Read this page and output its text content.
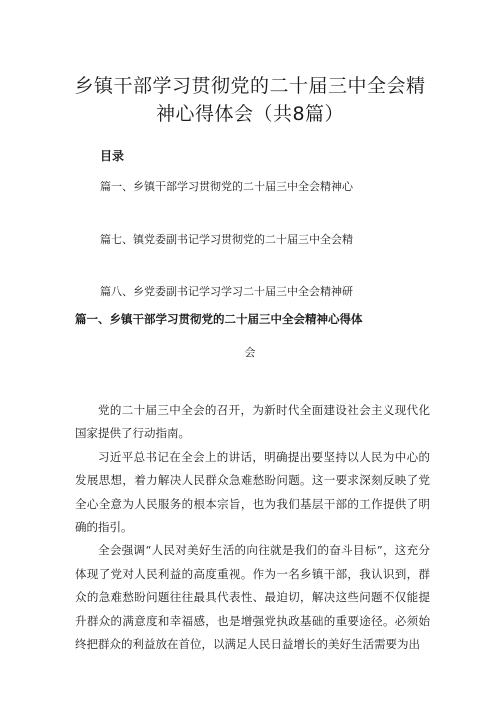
乡镇干部学习贯彻党的二十届三中全会精
神心得体会（共8篇）
目录
篇一、乡镇干部学习贯彻党的二十届三中全会精神心
篇七、镇党委副书记学习贯彻党的二十届三中全会精
篇八、乡党委副书记学习学习二十届三中全会精神研
篇一、乡镇干部学习贯彻党的二十届三中全会精神心得体
会

党的二十届三中全会的召开，为新时代全面建设社会主义现代化国家提供了行动指南。

习近平总书记在全会上的讲话，明确提出要坚持以人民为中心的发展思想，着力解决人民群众急难愁盼问题。这一要求深刻反映了党全心全意为人民服务的根本宗旨，也为我们基层干部的工作提供了明确的指引。

全会强调“人民对美好生活的向往就是我们的奋斗目标”，这充分体现了党对人民利益的高度重视。作为一名乡镇干部，我认识到，群众的急难愁盼问题往往最具代表性、最迫切，解决这些问题不仅能提升群众的满意度和幸福感，也是增强党执政基础的重要途径。必须始终把群众的利益放在首位，以满足人民日益增长的美好生活需要为出
